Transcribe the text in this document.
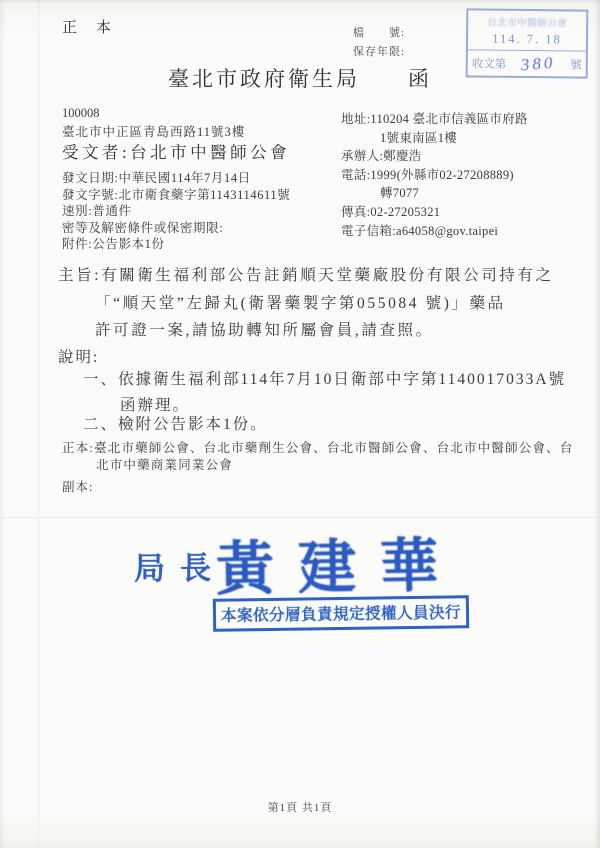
正　本	檔　　號:
保存年限:
台北市中醫師公會
114. 7. 18
收文第 380 號
臺北市政府衛生局　　函
100008
臺北市中正區青島西路11號3樓
受文者:台北市中醫師公會
地址:110204 臺北市信義區市府路
1號東南區1樓
承辦人:鄭慶浩
電話:1999(外縣市02-27208889)
轉7077
傳真:02-27205321
電子信箱:a64058@gov.taipei
發文日期:中華民國114年7月14日
發文字號:北市衛食藥字第1143114611號
速別:普通件
密等及解密條件或保密期限:
附件:公告影本1份
主旨:有關衛生福利部公告註銷順天堂藥廠股份有限公司持有之
「“順天堂”左歸丸(衛署藥製字第055084 號)」藥品
許可證一案,請協助轉知所屬會員,請查照。
說明:
一、依據衛生福利部114年7月10日衛部中字第1140017033A號
函辦理。
二、檢附公告影本1份。
正本:臺北市藥師公會、台北市藥劑生公會、台北市醫師公會、台北市中醫師公會、台
北市中藥商業同業公會
副本:
局長
黃建華
本案依分層負責規定授權人員決行
第1頁 共1頁
